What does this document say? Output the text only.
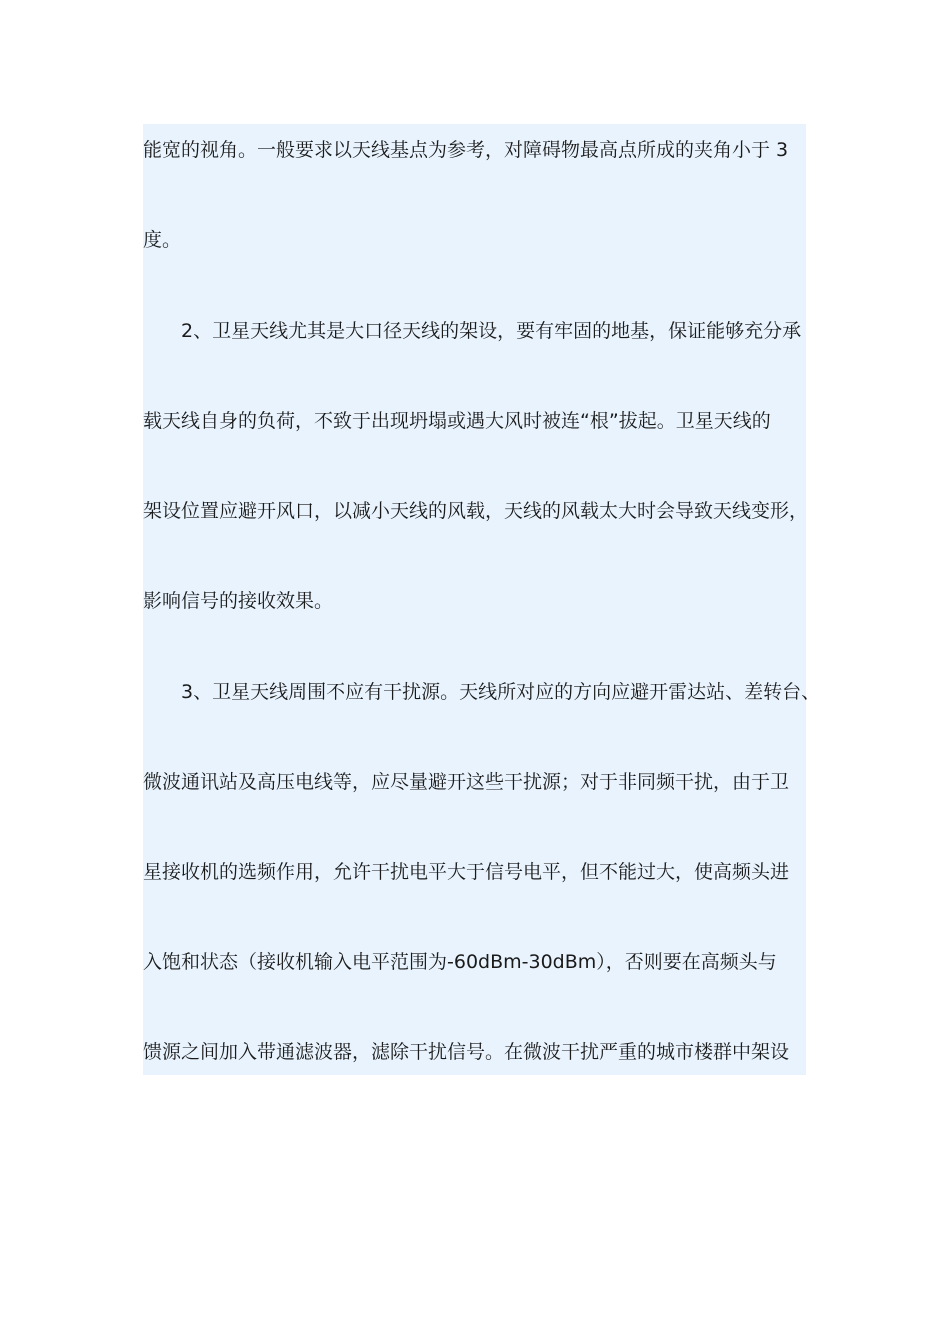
能宽的视角。一般要求以天线基点为参考，对障碍物最高点所成的夹角小于 3
度。
2、卫星天线尤其是大口径天线的架设，要有牢固的地基，保证能够充分承
载天线自身的负荷，不致于出现坍塌或遇大风时被连“根”拔起。卫星天线的
架设位置应避开风口，以减小天线的风载，天线的风载太大时会导致天线变形，
影响信号的接收效果。
3、卫星天线周围不应有干扰源。天线所对应的方向应避开雷达站、差转台、
微波通讯站及高压电线等，应尽量避开这些干扰源；对于非同频干扰，由于卫
星接收机的选频作用，允许干扰电平大于信号电平，但不能过大，使高频头进
入饱和状态（接收机输入电平范围为-60dBm-30dBm），否则要在高频头与
馈源之间加入带通滤波器，滤除干扰信号。在微波干扰严重的城市楼群中架设
